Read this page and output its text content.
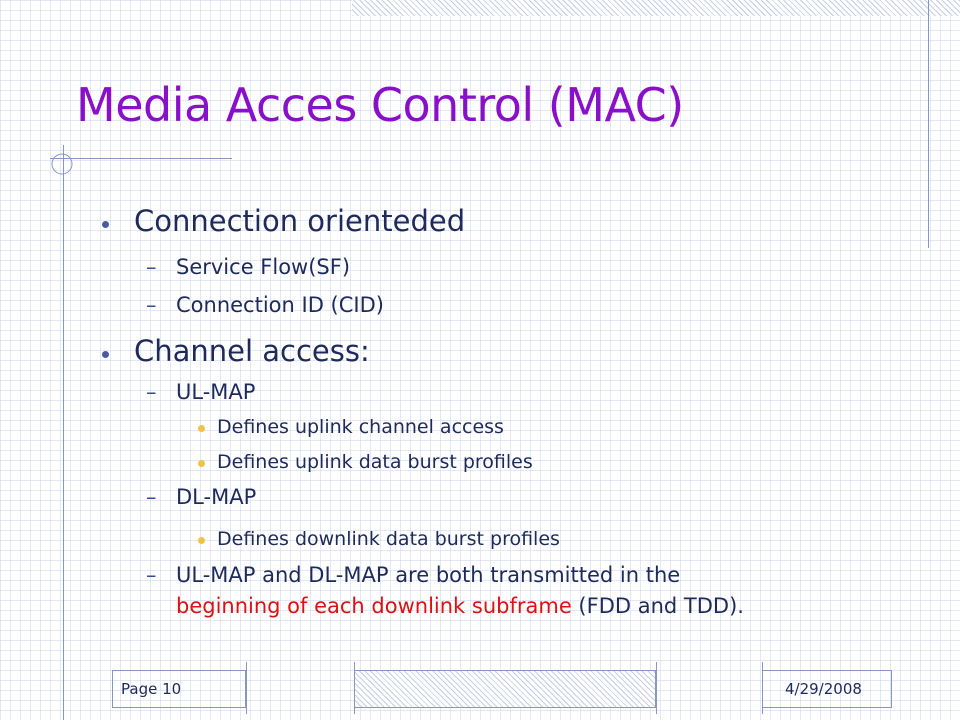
Media Acces Control (MAC)
Connection orienteded
– Service Flow(SF)
– Connection ID (CID)
Channel access:
– UL-MAP
Defines uplink channel access
Defines uplink data burst profiles
– DL-MAP
Defines downlink data burst profiles
– UL-MAP and DL-MAP are both transmitted in the
beginning of each downlink subframe (FDD and TDD).
Page 10	4/29/2008
